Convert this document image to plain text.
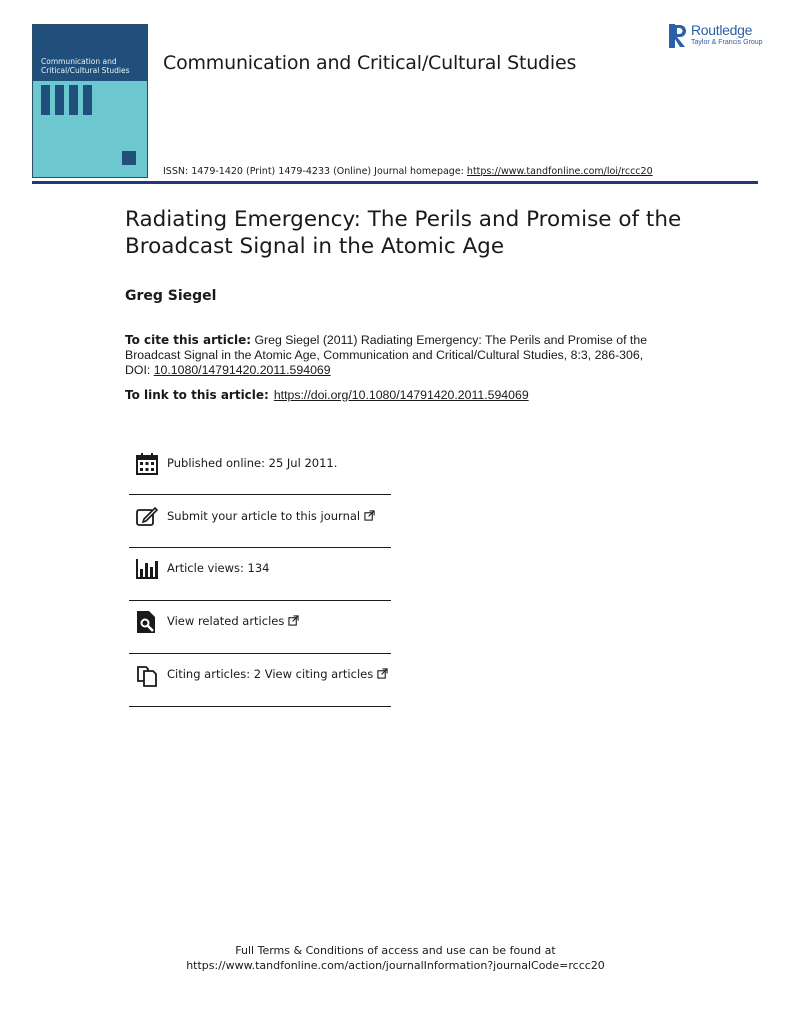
Communication and Critical/Cultural Studies	Communication and Critical/Cultural Studies
ISSN: 1479-1420 (Print) 1479-4233 (Online) Journal homepage: https://www.tandfonline.com/loi/rccc20
Routledge
Taylor & Francis Group
Radiating Emergency: The Perils and Promise of the Broadcast Signal in the Atomic Age
Greg Siegel
To cite this article: Greg Siegel (2011) Radiating Emergency: The Perils and Promise of the Broadcast Signal in the Atomic Age, Communication and Critical/Cultural Studies, 8:3, 286-306, DOI: 10.1080/14791420.2011.594069
To link to this article: https://doi.org/10.1080/14791420.2011.594069
Published online: 25 Jul 2011.
Submit your article to this journal
Article views: 134
View related articles
Citing articles: 2 View citing articles
Full Terms & Conditions of access and use can be found at
https://www.tandfonline.com/action/journalInformation?journalCode=rccc20
